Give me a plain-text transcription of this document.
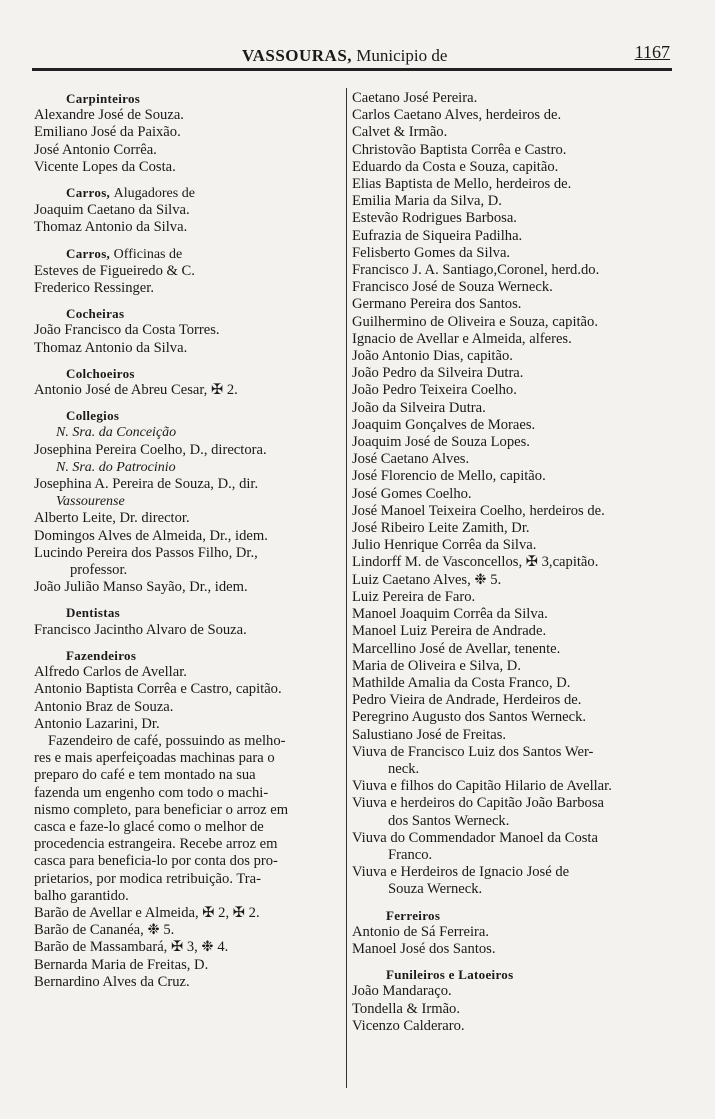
VASSOURAS, Municipio de	1167
Carpinteiros
Alexandre José de Souza.
Emiliano José da Paixão.
José Antonio Corrêa.
Vicente Lopes da Costa.
Carros, Alugadores de
Joaquim Caetano da Silva.
Thomaz Antonio da Silva.
Carros, Officinas de
Esteves de Figueiredo & C.
Frederico Ressinger.
Cocheiras
João Francisco da Costa Torres.
Thomaz Antonio da Silva.
Colchoeiros
Antonio José de Abreu Cesar, ✠ 2.
Collegios
N. Sra. da Conceição
Josephina Pereira Coelho, D., directora.
N. Sra. do Patrocinio
Josephina A. Pereira de Souza, D., dir.
Vassourense
Alberto Leite, Dr. director.
Domingos Alves de Almeida, Dr., idem.
Lucindo Pereira dos Passos Filho, Dr.,
professor.
João Julião Manso Sayão, Dr., idem.
Dentistas
Francisco Jacintho Alvaro de Souza.
Fazendeiros
Alfredo Carlos de Avellar.
Antonio Baptista Corrêa e Castro, capitão.
Antonio Braz de Souza.
Antonio Lazarini, Dr.
Fazendeiro de café, possuindo as melho-
res e mais aperfeiçoadas machinas para o
preparo do café e tem montado na sua
fazenda um engenho com todo o machi-
nismo completo, para beneficiar o arroz em
casca e faze-lo glacé como o melhor de
procedencia estrangeira. Recebe arroz em
casca para beneficia-lo por conta dos pro-
prietarios, por modica retribuição. Tra-
balho garantido.
Barão de Avellar e Almeida, ✠ 2, ✠ 2.
Barão de Cananéa, ❉ 5.
Barão de Massambará, ✠ 3, ❉ 4.
Bernarda Maria de Freitas, D.
Bernardino Alves da Cruz.
Caetano José Pereira.
Carlos Caetano Alves, herdeiros de.
Calvet & Irmão.
Christovão Baptista Corrêa e Castro.
Eduardo da Costa e Souza, capitão.
Elias Baptista de Mello, herdeiros de.
Emilia Maria da Silva, D.
Estevão Rodrigues Barbosa.
Eufrazia de Siqueira Padilha.
Felisberto Gomes da Silva.
Francisco J. A. Santiago,Coronel, herd.do.
Francisco José de Souza Werneck.
Germano Pereira dos Santos.
Guilhermino de Oliveira e Souza, capitão.
Ignacio de Avellar e Almeida, alferes.
João Antonio Dias, capitão.
João Pedro da Silveira Dutra.
João Pedro Teixeira Coelho.
João da Silveira Dutra.
Joaquim Gonçalves de Moraes.
Joaquim José de Souza Lopes.
José Caetano Alves.
José Florencio de Mello, capitão.
José Gomes Coelho.
José Manoel Teixeira Coelho, herdeiros de.
José Ribeiro Leite Zamith, Dr.
Julio Henrique Corrêa da Silva.
Lindorff M. de Vasconcellos, ✠ 3,capitão.
Luiz Caetano Alves, ❉ 5.
Luiz Pereira de Faro.
Manoel Joaquim Corrêa da Silva.
Manoel Luiz Pereira de Andrade.
Marcellino José de Avellar, tenente.
Maria de Oliveira e Silva, D.
Mathilde Amalia da Costa Franco, D.
Pedro Vieira de Andrade, Herdeiros de.
Peregrino Augusto dos Santos Werneck.
Salustiano José de Freitas.
Viuva de Francisco Luiz dos Santos Wer-
neck.
Viuva e filhos do Capitão Hilario de Avellar.
Viuva e herdeiros do Capitão João Barbosa
dos Santos Werneck.
Viuva do Commendador Manoel da Costa
Franco.
Viuva e Herdeiros de Ignacio José de
Souza Werneck.
Ferreiros
Antonio de Sá Ferreira.
Manoel José dos Santos.
Funileiros e Latoeiros
João Mandaraço.
Tondella & Irmão.
Vicenzo Calderaro.
